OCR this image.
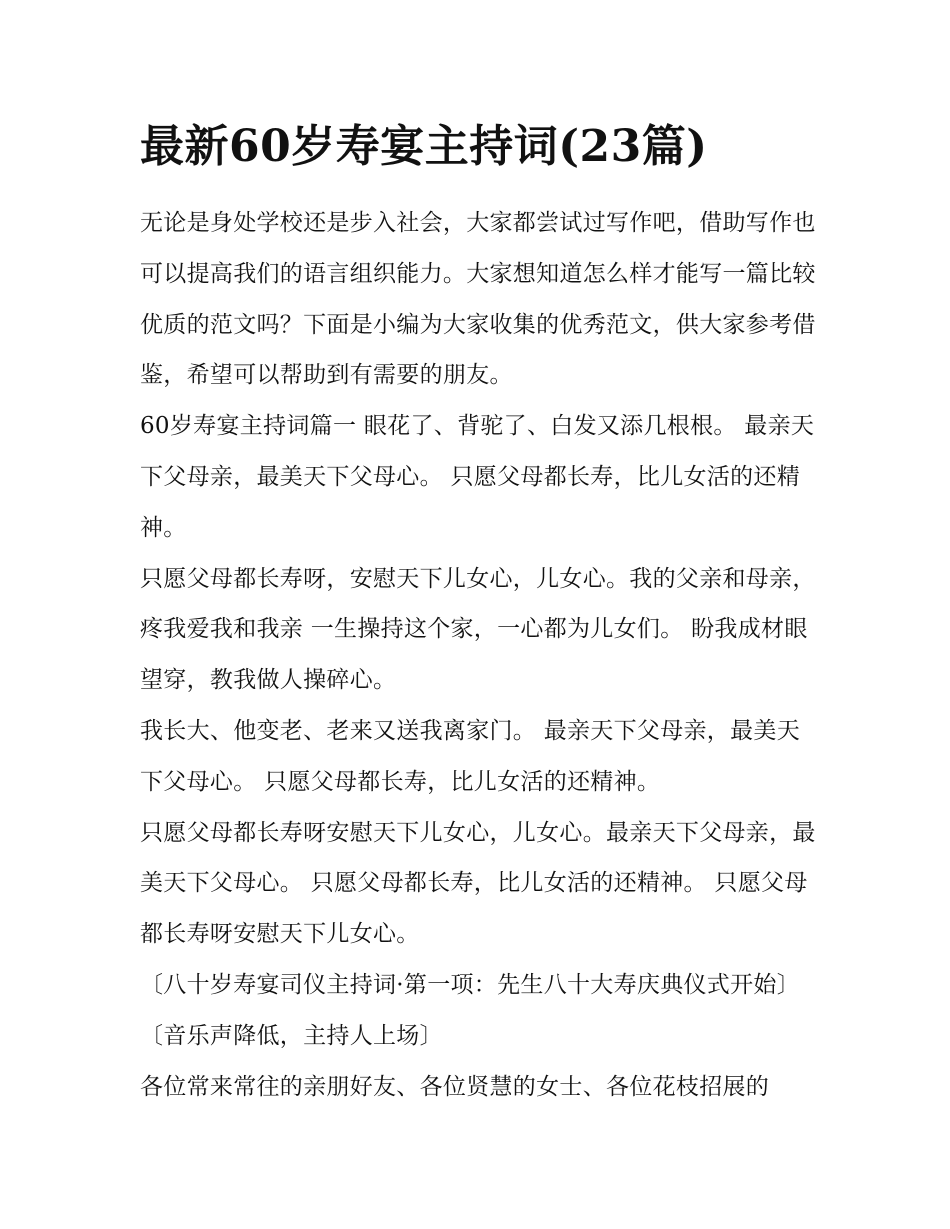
最新60岁寿宴主持词(23篇)

无论是身处学校还是步入社会，大家都尝试过写作吧，借助写作也可以提高我们的语言组织能力。大家想知道怎么样才能写一篇比较优质的范文吗？下面是小编为大家收集的优秀范文，供大家参考借鉴，希望可以帮助到有需要的朋友。

60岁寿宴主持词篇一 眼花了、背驼了、白发又添几根根。 最亲天下父母亲，最美天下父母心。 只愿父母都长寿，比儿女活的还精神。

只愿父母都长寿呀，安慰天下儿女心，儿女心。我的父亲和母亲，疼我爱我和我亲 一生操持这个家，一心都为儿女们。 盼我成材眼望穿，教我做人操碎心。

我长大、他变老、老来又送我离家门。 最亲天下父母亲，最美天下父母心。 只愿父母都长寿，比儿女活的还精神。

只愿父母都长寿呀安慰天下儿女心，儿女心。最亲天下父母亲，最美天下父母心。 只愿父母都长寿，比儿女活的还精神。 只愿父母都长寿呀安慰天下儿女心。

〔八十岁寿宴司仪主持词·第一项：先生八十大寿庆典仪式开始〕〔音乐声降低，主持人上场〕

各位常来常往的亲朋好友、各位贤慧的女士、各位花枝招展的
